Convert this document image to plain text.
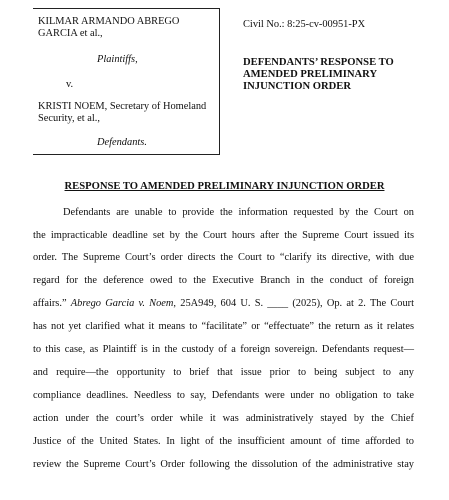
KILMAR ARMANDO ABREGO
GARCIA et al.,
Plaintiffs,
v.
KRISTI NOEM, Secretary of Homeland
Security, et al.,
Defendants.
Civil No.: 8:25-cv-00951-PX
DEFENDANTS’ RESPONSE TO
AMENDED PRELIMINARY
INJUNCTION ORDER
RESPONSE TO AMENDED PRELIMINARY INJUNCTION ORDER
Defendants are unable to provide the information requested by the Court on
the impracticable deadline set by the Court hours after the Supreme Court issued its
order. The Supreme Court’s order directs the Court to “clarify its directive, with due
regard for the deference owed to the Executive Branch in the conduct of foreign
affairs.” Abrego Garcia v. Noem, 25A949, 604 U. S. ____ (2025), Op. at 2. The Court
has not yet clarified what it means to “facilitate” or “effectuate” the return as it relates
to this case, as Plaintiff is in the custody of a foreign sovereign. Defendants request—
and require—the opportunity to brief that issue prior to being subject to any
compliance deadlines. Needless to say, Defendants were under no obligation to take
action under the court’s order while it was administratively stayed by the Chief
Justice of the United States. In light of the insufficient amount of time afforded to
review the Supreme Court’s Order following the dissolution of the administrative stay
